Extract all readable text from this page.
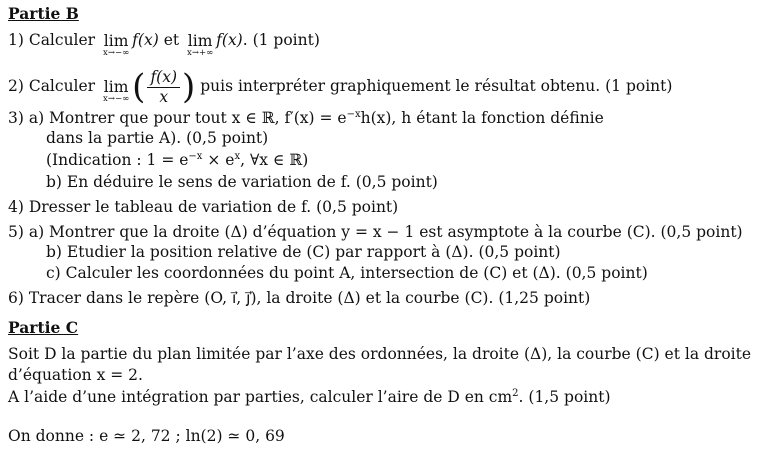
Partie B
1) Calculer lim
x→−∞
f(x) et lim
x→+∞
f(x). (1 point)
2) Calculer lim
x→−∞ ( $\frac{f(x)}{x}$ ) puis interpréter graphiquement le résultat obtenu. (1 point)
3) a) Montrer que pour tout x ∈ ℝ, $f'(x) = e^{-x}h(x)$, h étant la fonction définie
dans la partie A). (0,5 point)
(Indication : $1 = e^{-x} \times e^x$, ∀x ∈ ℝ)
b) En déduire le sens de variation de f. (0,5 point)
4) Dresser le tableau de variation de f. (0,5 point)
5) a) Montrer que la droite (Δ) d’équation y = x − 1 est asymptote à la courbe (C). (0,5 point)
b) Etudier la position relative de (C) par rapport à (Δ). (0,5 point)
c) Calculer les coordonnées du point A, intersection de (C) et (Δ). (0,5 point)
6) Tracer dans le repère (O, i⃗, j⃗), la droite (Δ) et la courbe (C). (1,25 point)
Partie C
Soit D la partie du plan limitée par l’axe des ordonnées, la droite (Δ), la courbe (C) et la droite
d’équation x = 2.
A l’aide d’une intégration par parties, calculer l’aire de D en $cm^2$. (1,5 point)
On donne : e ≃ 2, 72 ; ln(2) ≃ 0, 69
